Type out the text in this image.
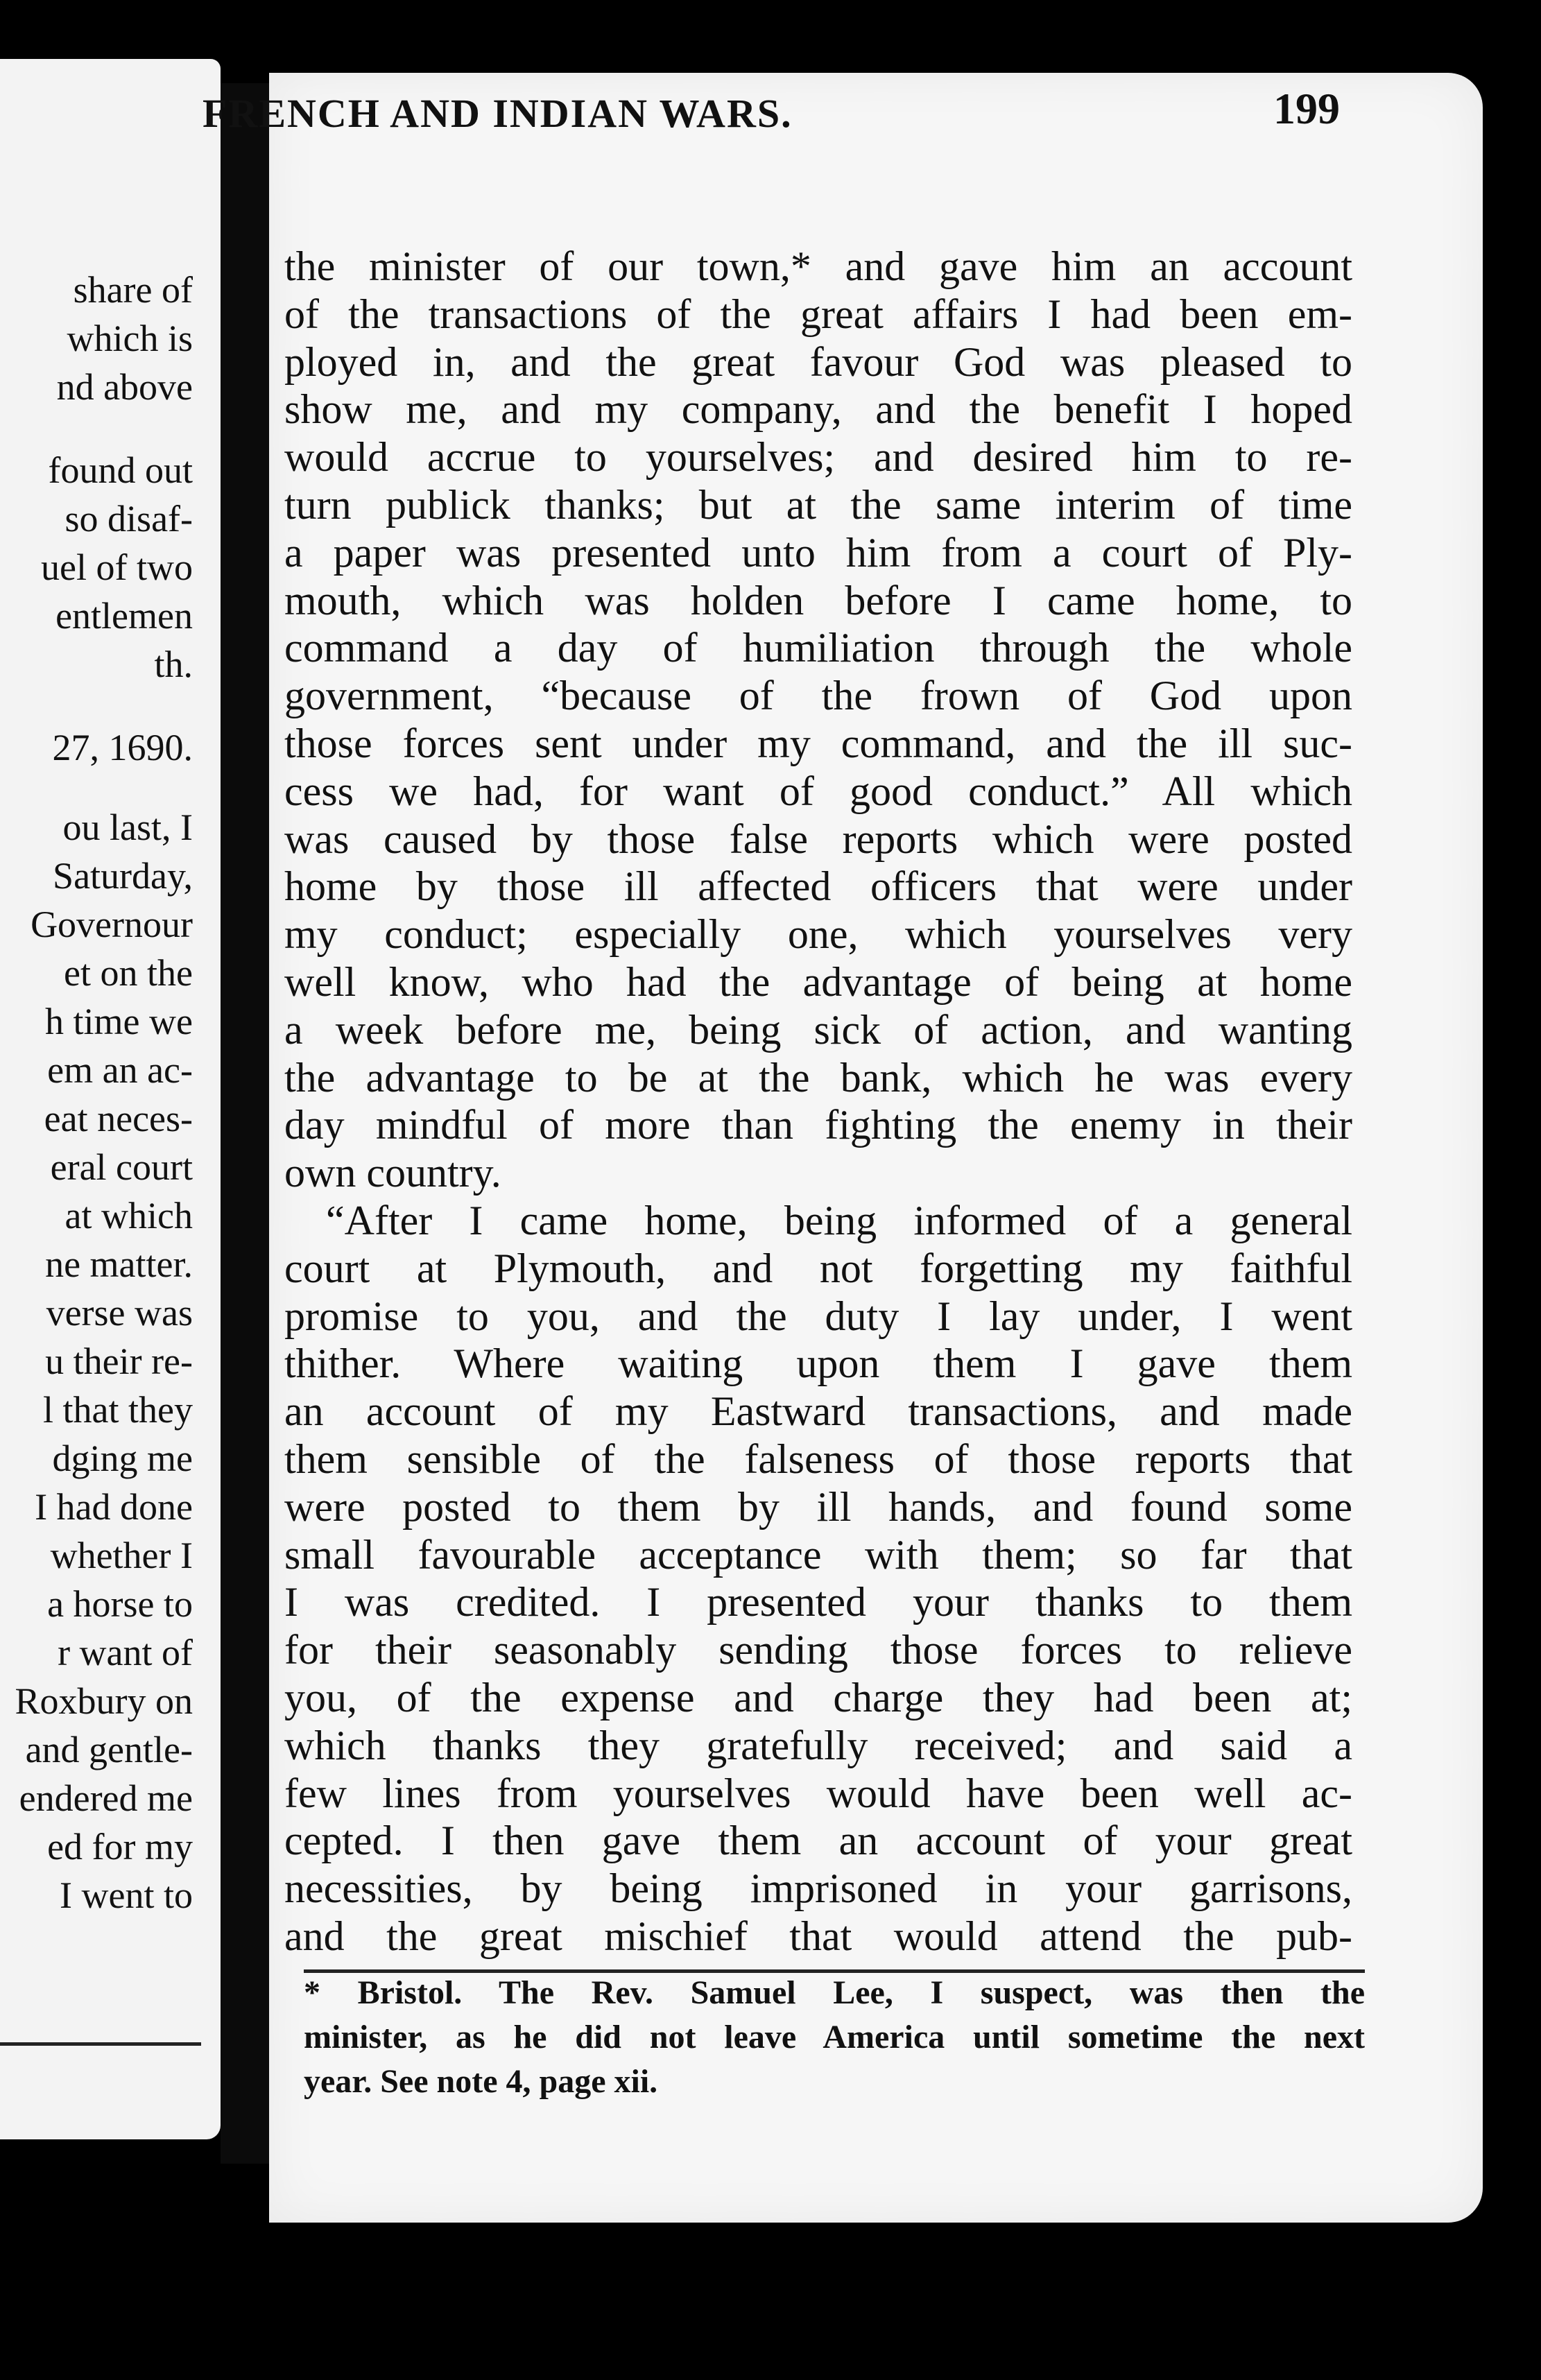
share of
which is
nd above
found out
so disaf-
uel of two
entlemen
th.
27, 1690.
ou last, I
Saturday,
Governour
et on the
h time we
em an ac-
eat neces-
eral court
at which
ne matter.
verse was
u their re-
l that they
dging me
I had done
whether I
a horse to
r want of
Roxbury on
and gentle-
endered me
ed for my
I went to
FRENCH AND INDIAN WARS.	199
the minister of our town,* and gave him an account
of the transactions of the great affairs I had been em-
ployed in, and the great favour God was pleased to
show me, and my company, and the benefit I hoped
would accrue to yourselves; and desired him to re-
turn publick thanks; but at the same interim of time
a paper was presented unto him from a court of Ply-
mouth, which was holden before I came home, to
command a day of humiliation through the whole
government, “because of the frown of God upon
those forces sent under my command, and the ill suc-
cess we had, for want of good conduct.” All which
was caused by those false reports which were posted
home by those ill affected officers that were under
my conduct; especially one, which yourselves very
well know, who had the advantage of being at home
a week before me, being sick of action, and wanting
the advantage to be at the bank, which he was every
day mindful of more than fighting the enemy in their
own country.
“After I came home, being informed of a general
court at Plymouth, and not forgetting my faithful
promise to you, and the duty I lay under, I went
thither. Where waiting upon them I gave them
an account of my Eastward transactions, and made
them sensible of the falseness of those reports that
were posted to them by ill hands, and found some
small favourable acceptance with them; so far that
I was credited. I presented your thanks to them
for their seasonably sending those forces to relieve
you, of the expense and charge they had been at;
which thanks they gratefully received; and said a
few lines from yourselves would have been well ac-
cepted. I then gave them an account of your great
necessities, by being imprisoned in your garrisons,
and the great mischief that would attend the pub-
* Bristol. The Rev. Samuel Lee, I suspect, was then the
minister, as he did not leave America until sometime the next
year. See note 4, page xii.
